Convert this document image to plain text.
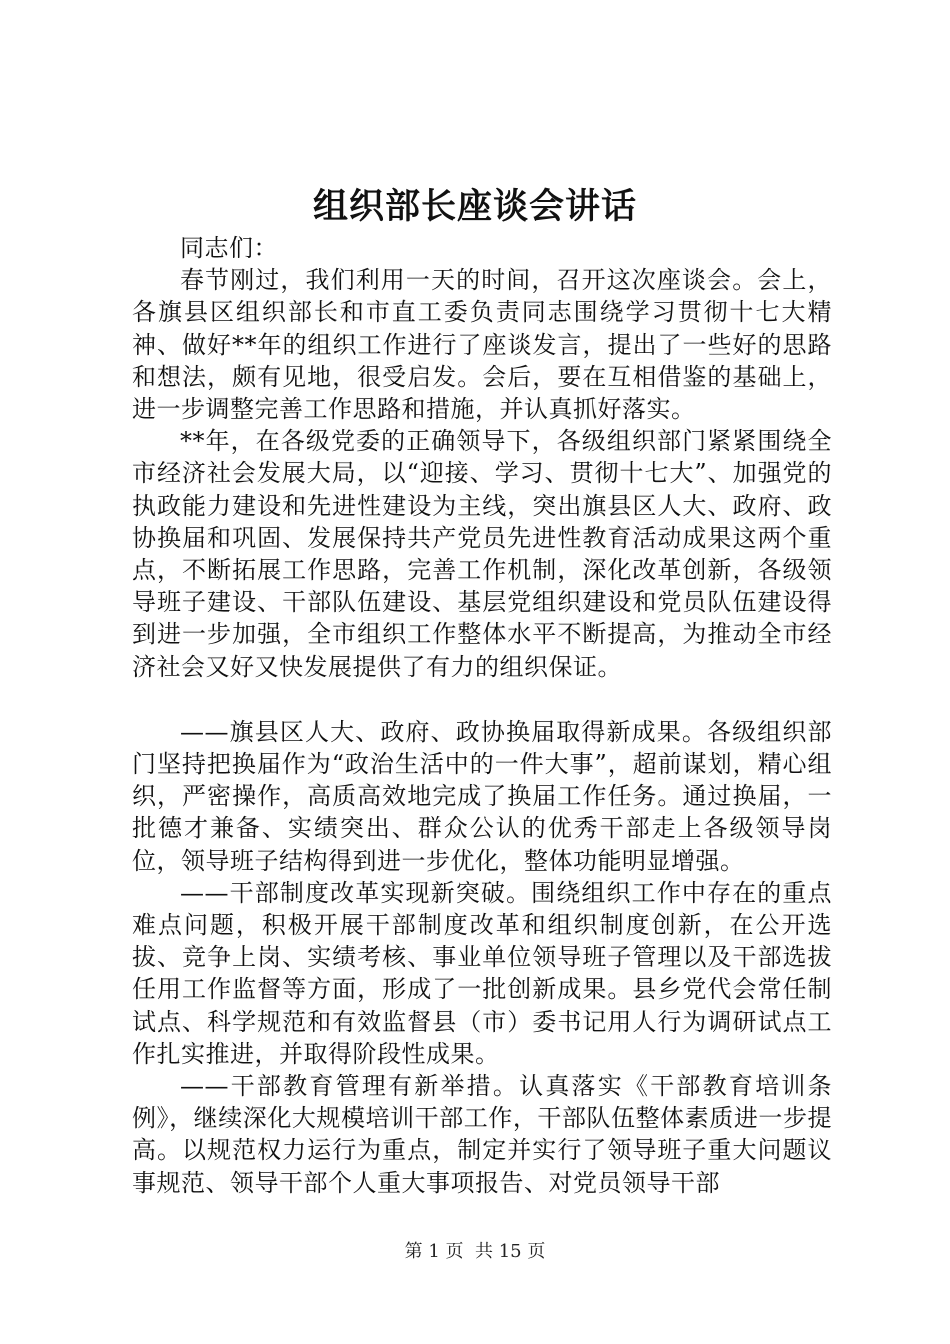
组织部长座谈会讲话

同志们：

春节刚过，我们利用一天的时间，召开这次座谈会。会上，各旗县区组织部长和市直工委负责同志围绕学习贯彻十七大精神、做好**年的组织工作进行了座谈发言，提出了一些好的思路和想法，颇有见地，很受启发。会后，要在互相借鉴的基础上，进一步调整完善工作思路和措施，并认真抓好落实。

**年，在各级党委的正确领导下，各级组织部门紧紧围绕全市经济社会发展大局，以“迎接、学习、贯彻十七大”、加强党的执政能力建设和先进性建设为主线，突出旗县区人大、政府、政协换届和巩固、发展保持共产党员先进性教育活动成果这两个重点，不断拓展工作思路，完善工作机制，深化改革创新，各级领导班子建设、干部队伍建设、基层党组织建设和党员队伍建设得到进一步加强，全市组织工作整体水平不断提高，为推动全市经济社会又好又快发展提供了有力的组织保证。

——旗县区人大、政府、政协换届取得新成果。各级组织部门坚持把换届作为“政治生活中的一件大事”，超前谋划，精心组织，严密操作，高质高效地完成了换届工作任务。通过换届，一批德才兼备、实绩突出、群众公认的优秀干部走上各级领导岗位，领导班子结构得到进一步优化，整体功能明显增强。

——干部制度改革实现新突破。围绕组织工作中存在的重点难点问题，积极开展干部制度改革和组织制度创新，在公开选拔、竞争上岗、实绩考核、事业单位领导班子管理以及干部选拔任用工作监督等方面，形成了一批创新成果。县乡党代会常任制试点、科学规范和有效监督县（市）委书记用人行为调研试点工作扎实推进，并取得阶段性成果。

——干部教育管理有新举措。认真落实《干部教育培训条例》，继续深化大规模培训干部工作，干部队伍整体素质进一步提高。以规范权力运行为重点，制定并实行了领导班子重大问题议事规范、领导干部个人重大事项报告、对党员领导干部

第 1 页  共 15 页
